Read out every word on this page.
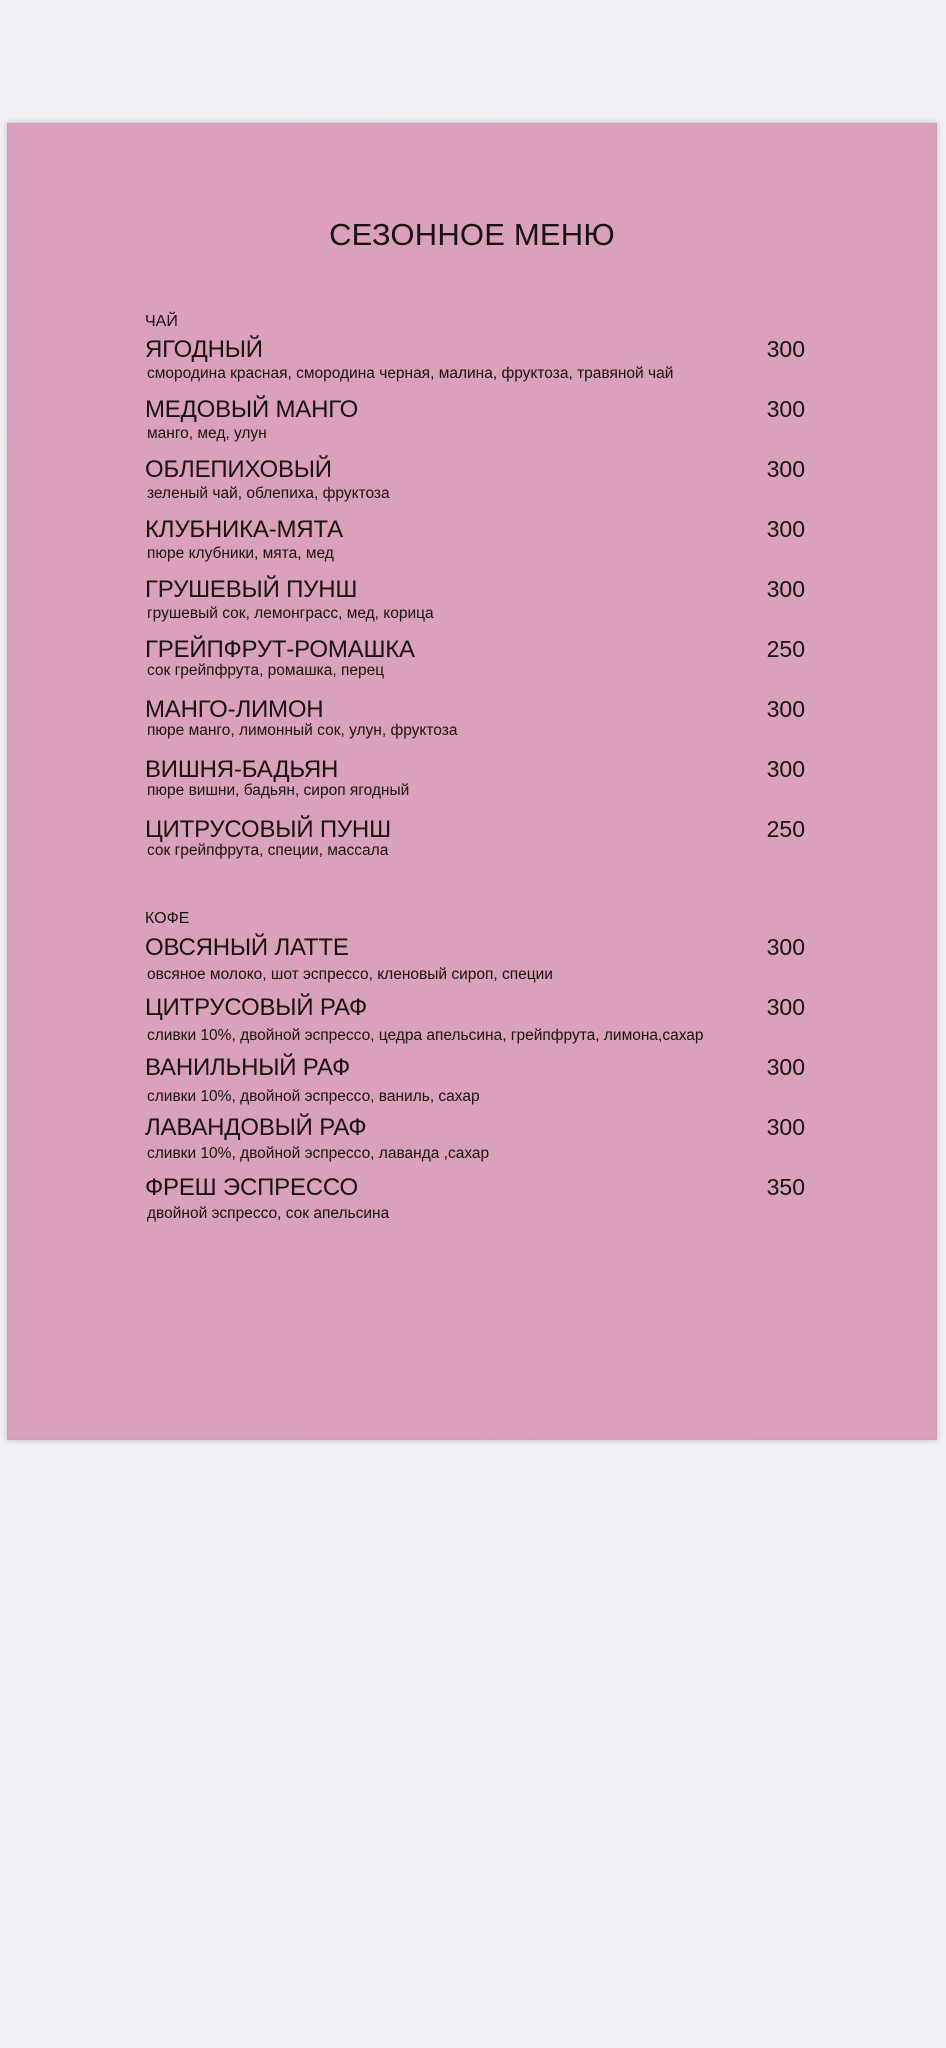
СЕЗОННОЕ МЕНЮ
ЧАЙ
ЯГОДНЫЙ
смородина красная, смородина черная, малина, фруктоза, травяной чай
300
МЕДОВЫЙ МАНГО
манго, мед, улун
300
ОБЛЕПИХОВЫЙ
зеленый чай, облепиха, фруктоза
300
КЛУБНИКА-МЯТА
пюре клубники, мята, мед
300
ГРУШЕВЫЙ ПУНШ
грушевый сок, лемонграсс, мед, корица
300
ГРЕЙПФРУТ-РОМАШКА
сок грейпфрута, ромашка, перец
250
МАНГО-ЛИМОН
пюре манго, лимонный сок, улун, фруктоза
300
ВИШНЯ-БАДЬЯН
пюре вишни, бадьян, сироп ягодный
300
ЦИТРУСОВЫЙ ПУНШ
сок грейпфрута, специи, массала
250
КОФЕ
ОВСЯНЫЙ ЛАТТЕ
овсяное молоко, шот эспрессо, кленовый сироп, специи
300
ЦИТРУСОВЫЙ РАФ
сливки 10%, двойной эспрессо, цедра апельсина, грейпфрута, лимона,сахар
300
ВАНИЛЬНЫЙ РАФ
сливки 10%, двойной эспрессо, ваниль, сахар
300
ЛАВАНДОВЫЙ РАФ
сливки 10%, двойной эспрессо, лаванда ,сахар
300
ФРЕШ ЭСПРЕССО
двойной эспрессо, сок апельсина
350
